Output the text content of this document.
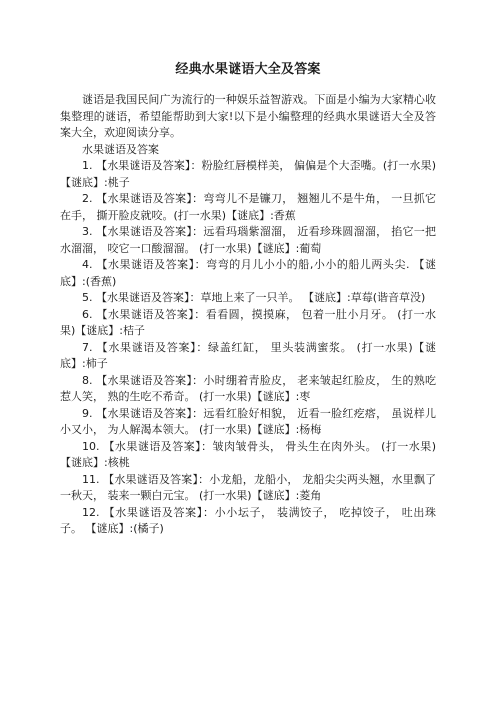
经典水果谜语大全及答案

谜语是我国民间广为流行的一种娱乐益智游戏。下面是小编为大家精心收集整理的谜语，希望能帮助到大家!以下是小编整理的经典水果谜语大全及答案大全，欢迎阅读分享。

水果谜语及答案

1. 【水果谜语及答案】：粉脸红唇模样美， 偏偏是个大歪嘴。(打一水果)【谜底】:桃子

2. 【水果谜语及答案】：弯弯儿不是镰刀， 翘翘儿不是牛角， 一旦抓它在手， 撕开脸皮就咬。(打一水果)【谜底】:香蕉

3. 【水果谜语及答案】：远看玛瑙紫溜溜， 近看珍珠圆溜溜， 掐它一把水溜溜， 咬它一口酸溜溜。 (打一水果)【谜底】:葡萄

4. 【水果谜语及答案】：弯弯的月儿小小的船,小小的船儿两头尖. 【谜底】:(香蕉)

5. 【水果谜语及答案】：草地上来了一只羊。 【谜底】:草莓(谐音草没)

6. 【水果谜语及答案】：看看圆，摸摸麻， 包着一肚小月牙。 (打一水果)【谜底】:桔子

7. 【水果谜语及答案】：绿盖红缸， 里头装满蜜浆。 (打一水果)【谜底】:柿子

8. 【水果谜语及答案】：小时绷着青脸皮， 老来皱起红脸皮， 生的熟吃惹人笑， 熟的生吃不希奇。 (打一水果)【谜底】:枣

9. 【水果谜语及答案】：远看红脸好相貌， 近看一脸红疙瘩， 虽说样儿小又小， 为人解渴本领大。 (打一水果)【谜底】:杨梅

10. 【水果谜语及答案】：皱肉皱骨头， 骨头生在肉外头。 (打一水果)【谜底】:核桃

11. 【水果谜语及答案】：小龙船，龙船小， 龙船尖尖两头翘，水里飘了一秋天， 装来一颗白元宝。 (打一水果)【谜底】:菱角

12. 【水果谜语及答案】：小小坛子， 装满饺子， 吃掉饺子， 吐出珠子。 【谜底】:(橘子)
